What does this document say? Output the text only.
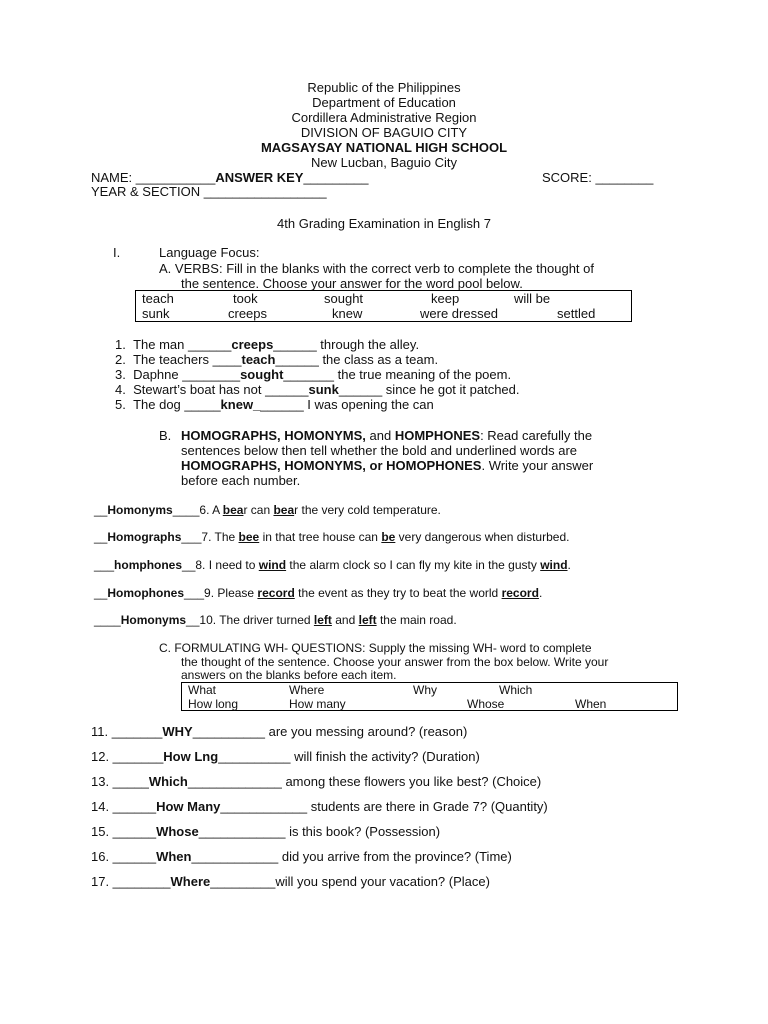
Republic of the Philippines
Department of Education
Cordillera Administrative Region
DIVISION OF BAGUIO CITY
MAGSAYSAY NATIONAL HIGH SCHOOL
New Lucban, Baguio City
NAME: ___________ANSWER KEY_________	SCORE: ________
YEAR & SECTION _________________
4th Grading Examination in English 7
I.	Language Focus:
A. VERBS: Fill in the blanks with the correct verb to complete the thought of
the sentence. Choose your answer for the word pool below.
teach	took	sought	keep	will be
sunk	creeps	knew	were dressed	settled
1. The man ______creeps______ through the alley.
2. The teachers ____teach______ the class as a team.
3. Daphne ________sought_______ the true meaning of the poem.
4. Stewart’s boat has not ______sunk______ since he got it patched.
5. The dog _____knew_______ I was opening the can
B. HOMOGRAPHS, HOMONYMS, and HOMPHONES: Read carefully the
sentences below then tell whether the bold and underlined words are
HOMOGRAPHS, HOMONYMS, or HOMOPHONES. Write your answer
before each number.
__Homonyms____6. A bear can bear the very cold temperature.
__Homographs___7. The bee in that tree house can be very dangerous when disturbed.
___homphones__8. I need to wind the alarm clock so I can fly my kite in the gusty wind.
__Homophones___9. Please record the event as they try to beat the world record.
____Homonyms__10. The driver turned left and left the main road.
C. FORMULATING WH- QUESTIONS: Supply the missing WH- word to complete
the thought of the sentence. Choose your answer from the box below. Write your
answers on the blanks before each item.
What	Where	Why	Which
How long	How many	Whose	When
11. _______WHY__________ are you messing around? (reason)
12. _______How Lng__________ will finish the activity? (Duration)
13. _____Which_____________ among these flowers you like best? (Choice)
14. ______How Many____________ students are there in Grade 7? (Quantity)
15. ______Whose____________ is this book? (Possession)
16. ______When____________ did you arrive from the province? (Time)
17. ________Where_________will you spend your vacation? (Place)
